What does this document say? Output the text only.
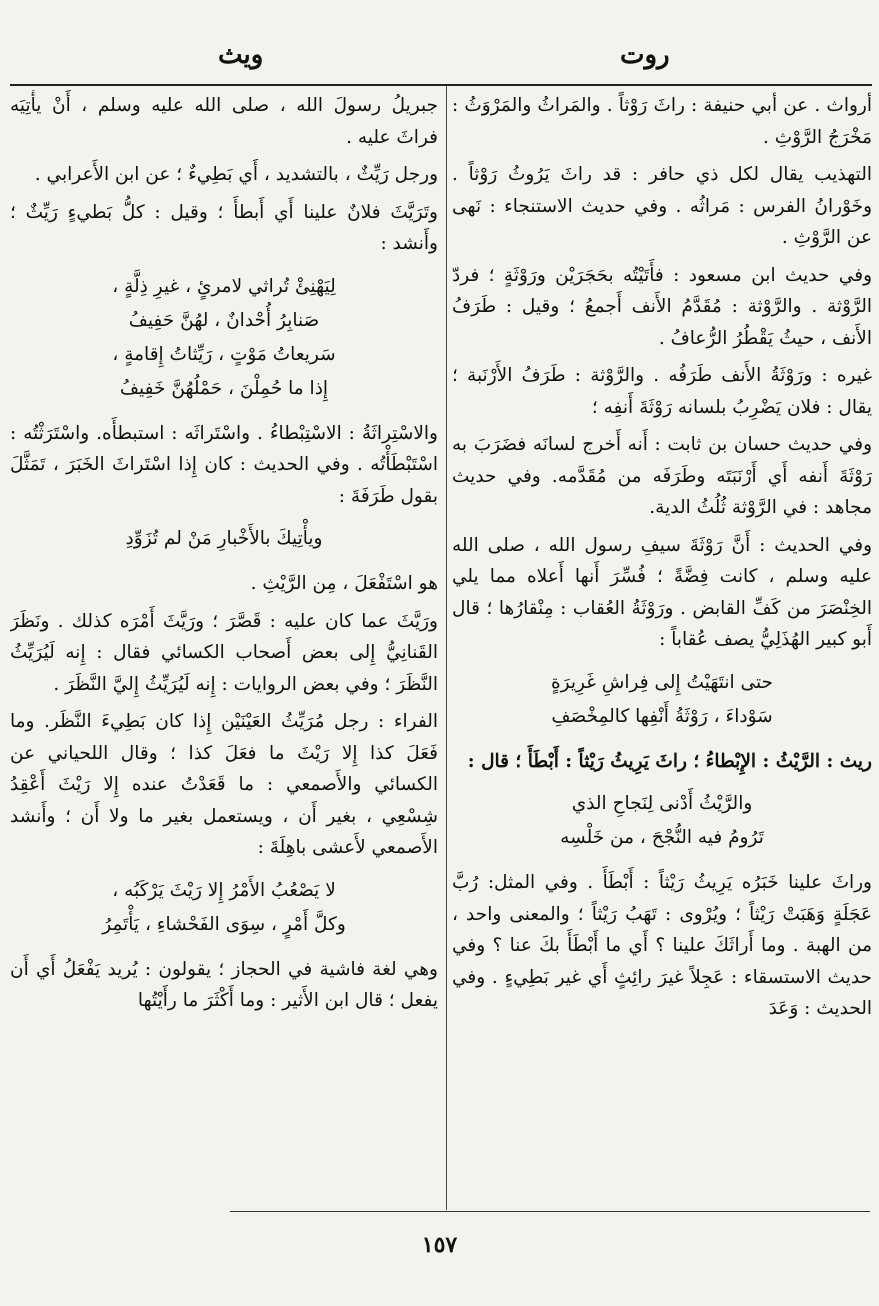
روت
ويث

أرواث . عن أبي حنيفة : راثَ رَوْثاً . والمَراثُ والمَرْوَثُ : مَخْرَجُ الرَّوْثِ .

التهذيب يقال لكل ذي حافر : قد راثَ يَرُوثُ رَوْثاً . وخَوْرانُ الفرس : مَراثُه . وفي حديث الاستنجاء : نَهى عن الرَّوْثِ .

وفي حديث ابن مسعود : فأَتَيْتُه بحَجَرَيْن ورَوْثَةٍ ؛ فردّ الرَّوْثة . والرَّوْثة : مُقَدَّمُ الأَنف أَجمعُ ؛ وقيل : طَرَفُ الأَنف ، حيثُ يَقْطُرُ الرُّعافُ .

غيره : ورَوْثَةُ الأَنف طَرَفُه . والرَّوْثة : طَرَفُ الأَرْنَبة ؛ يقال : فلان يَضْرِبُ بلسانه رَوْثَةَ أَنفِه ؛

وفي حديث حسان بن ثابت : أَنه أَخرج لسانَه فضَرَبَ به رَوْثَةَ أَنفه أَي أَرْنَبَتَه وطَرَفَه من مُقَدَّمه. وفي حديث مجاهد : في الرَّوْثة ثُلُثُ الدية.

وفي الحديث : أَنَّ رَوْثَةَ سيفِ رسول الله ، صلى الله عليه وسلم ، كانت فِضَّةً ؛ فُسِّرَ أَنها أَعلاه مما يلي الخِنْصَرَ من كَفِّ القابض . ورَوْثَةُ العُقاب : مِنْقارُها ؛ قال أَبو كبير الهُذَلِيُّ يصف عُقاباً :

حتى انتَهَيْتُ إِلى فِراشِ غَرِيرَةٍ
سَوْداءَ ، رَوْثَةُ أَنْفِها كالمِخْصَفِ

ريث : الرَّيْثُ : الإِبْطاءُ ؛ راثَ يَرِيثُ رَيْثاً : أَبْطَأَ ؛ قال :

والرَّيْثُ أَدْنى لِنَجاحِ الذي
تَرُومُ فيه النُّجْحَ ، من خَلْسِه

وراثَ علينا خَبَرُه يَرِيثُ رَيْثاً : أَبْطَأَ . وفي المثل: رُبَّ عَجَلَةٍ وَهَبَتْ رَيْثاً ؛ ويُرْوى : تَهَبُ رَيْثاً ؛ والمعنى واحد ، من الهبة . وما أَراثَكَ علينا ؟ أَي ما أَبْطَأَ بكَ عنا ؟ وفي حديث الاستسقاء : عَجِلاً غيرَ رائِثٍ أَي غير بَطِيءٍ . وفي الحديث : وَعَدَ

جبريلُ رسولَ الله ، صلى الله عليه وسلم ، أَنْ يأْتِيَه فراثَ عليه .

ورجل رَيِّثٌ ، بالتشديد ، أَي بَطِيءٌ ؛ عن ابن الأَعرابي .

وتَرَيَّثَ فلانٌ علينا أَي أَبطأَ ؛ وقيل : كلُّ بَطيءٍ رَيِّثٌ ؛ وأَنشد :

لِيَهْنِئْ تُراثي لامرئٍ ، غيرِ ذِلَّةٍ ،
صَنابِرُ أُحْدانٌ ، لهُنَّ حَفِيفُ
سَريعاتُ مَوْتٍ ، رَيِّثاتُ إِقامةٍ ،
إِذا ما حُمِلْنَ ، حَمْلُهُنَّ خَفِيفُ

والاسْتِراثَةُ : الاسْتِبْطاءُ . واسْتَراثَه : استبطأَه. واسْتَرَثْتُه : اسْتَبْطَأْتُه . وفي الحديث : كان إِذا اسْتَراثَ الخَبَرَ ، تَمَثَّلَ بقول طَرَفَةَ :

ويأْتِيكَ بالأَخْبارِ مَنْ لم تُزَوِّدِ

هو اسْتَفْعَلَ ، مِن الرَّيْثِ .

ورَيَّثَ عما كان عليه : قَصَّرَ ؛ ورَيَّثَ أَمْرَه كذلك . ونَظَرَ القَنانِيُّ إِلى بعض أَصحاب الكسائي فقال : إِنه لَيُرَيِّثُ النَّظَرَ ؛ وفي بعض الروايات : إِنه لَيُرَيِّثُ إِليَّ النَّظَرَ .

الفراء : رجل مُرَيِّثُ العَيْنَيْن إِذا كان بَطِيءَ النَّظَر. وما فَعَلَ كذا إِلا رَيْثَ ما فعَلَ كذا ؛ وقال اللحياني عن الكسائي والأَصمعي : ما قَعَدْتُ عنده إِلا رَيْثَ أَعْقِدُ شِسْعِي ، بغير أَن ، ويستعمل بغير ما ولا أَن ؛ وأَنشد الأَصمعي لأَعشى باهِلَةَ :

لا يَصْعُبُ الأَمْرُ إِلا رَيْثَ يَرْكَبُه ،
وكلَّ أَمْرٍ ، سِوَى الفَحْشاءِ ، يَأْتَمِرُ

وهي لغة فاشية في الحجاز ؛ يقولون : يُريد يَفْعَلُ أَي أَن يفعل ؛ قال ابن الأَثير : وما أَكْثَرَ ما رأَيْتُها

١٥٧
